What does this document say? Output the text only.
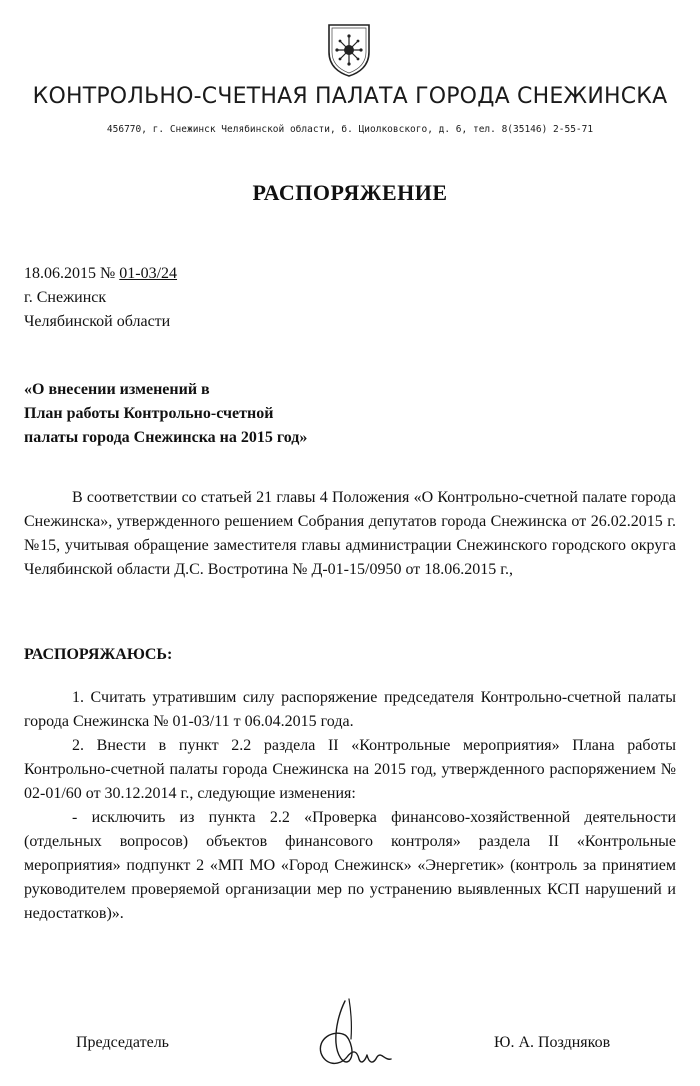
КОНТРОЛЬНО-СЧЕТНАЯ ПАЛАТА ГОРОДА СНЕЖИНСКА
456770, г. Снежинск Челябинской области, б. Циолковского, д. 6, тел. 8(35146) 2-55-71
РАСПОРЯЖЕНИЕ
18.06.2015 № 01-03/24
г. Снежинск
Челябинской области
«О внесении изменений в
План работы Контрольно-счетной
палаты города Снежинска на 2015 год»
В соответствии со статьей 21 главы 4 Положения «О Контрольно-счетной палате города Снежинска», утвержденного решением Собрания депутатов города Снежинска от 26.02.2015 г. №15, учитывая обращение заместителя главы администрации Снежинского городского округа Челябинской области Д.С. Востротина № Д-01-15/0950 от 18.06.2015 г.,
РАСПОРЯЖАЮСЬ:
1. Считать утратившим силу распоряжение председателя Контрольно-счетной палаты города Снежинска № 01-03/11 т 06.04.2015 года.
2. Внести в пункт 2.2 раздела II «Контрольные мероприятия» Плана работы Контрольно-счетной палаты города Снежинска на 2015 год, утвержденного распоряжением № 02-01/60 от 30.12.2014 г., следующие изменения:
- исключить из пункта 2.2 «Проверка финансово-хозяйственной деятельности (отдельных вопросов) объектов финансового контроля» раздела II «Контрольные мероприятия» подпункт 2 «МП МО «Город Снежинск» «Энергетик» (контроль за принятием руководителем проверяемой организации мер по устранению выявленных КСП нарушений и недостатков)».
Председатель	Ю. А. Поздняков
